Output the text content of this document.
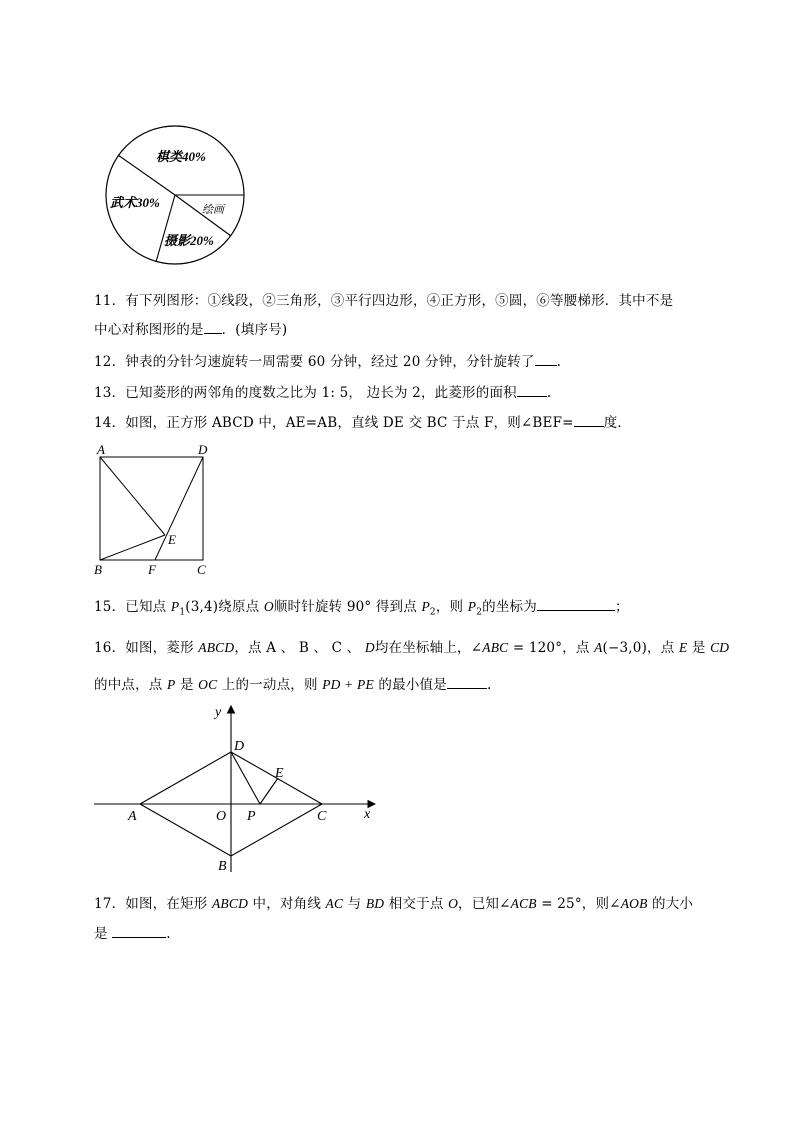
棋类40%
武术30%	绘画
摄影20%
11．有下列图形：①线段，②三角形，③平行四边形，④正方形，⑤圆，⑥等腰梯形．其中不是
中心对称图形的是 ．(填序号)
12．钟表的分针匀速旋转一周需要 60 分钟，经过 20 分钟，分针旋转了 .
13．已知菱形的两邻角的度数之比为 1: 5， 边长为 2，此菱形的面积 .
14．如图，正方形 ABCD 中，AE=AB，直线 DE 交 BC 于点 F，则∠BEF= 度．
A	D
E
B	F	C
15．已知点 $P_1(3,4)$绕原点 O顺时针旋转 90° 得到点 $P_2$，则 $P_2$的坐标为	；
16．如图，菱形 ABCD，点 A 、 B 、 C 、 D均在坐标轴上，∠ABC = 120°，点 A(−3,0)，点 E 是 CD
的中点，点 P 是 OC 上的一动点，则 PD + PE 的最小值是	.
y
x
D
E
A	O P	C
B
17．如图，在矩形 ABCD 中，对角线 AC 与 BD 相交于点 O，已知∠ACB = 25°，则∠AOB 的大小
是	.
